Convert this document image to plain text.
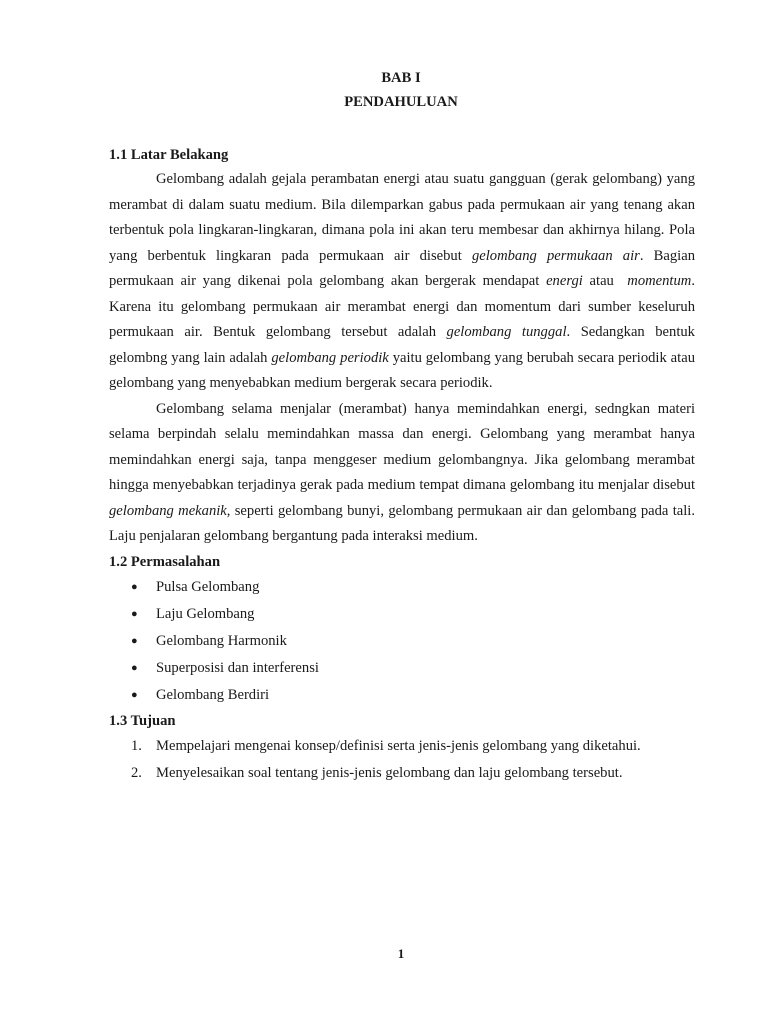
BAB I
PENDAHULUAN
1.1 Latar Belakang

Gelombang adalah gejala perambatan energi atau suatu gangguan (gerak gelombang) yang merambat di dalam suatu medium. Bila dilemparkan gabus pada permukaan air yang tenang akan terbentuk pola lingkaran-lingkaran, dimana pola ini akan teru membesar dan akhirnya hilang. Pola yang berbentuk lingkaran pada permukaan air disebut gelombang permukaan air. Bagian permukaan air yang dikenai pola gelombang akan bergerak mendapat energi atau  momentum. Karena itu gelombang permukaan air merambat energi dan momentum dari sumber keseluruh permukaan air. Bentuk gelombang tersebut adalah gelombang tunggal. Sedangkan bentuk gelombng yang lain adalah gelombang periodik yaitu gelombang yang berubah secara periodik atau gelombang yang menyebabkan medium bergerak secara periodik.

Gelombang selama menjalar (merambat) hanya memindahkan energi, sedngkan materi selama berpindah selalu memindahkan massa dan energi. Gelombang yang merambat hanya memindahkan energi saja, tanpa menggeser medium gelombangnya. Jika gelombang merambat hingga menyebabkan terjadinya gerak pada medium tempat dimana gelombang itu menjalar disebut gelombang mekanik, seperti gelombang bunyi, gelombang permukaan air dan gelombang pada tali. Laju penjalaran gelombang bergantung pada interaksi medium.

1.2 Permasalahan
● Pulsa Gelombang
● Laju Gelombang
● Gelombang Harmonik
● Superposisi dan interferensi
● Gelombang Berdiri
1.3 Tujuan
1. Mempelajari mengenai konsep/definisi serta jenis-jenis gelombang yang diketahui.
2. Menyelesaikan soal tentang jenis-jenis gelombang dan laju gelombang tersebut.
1
